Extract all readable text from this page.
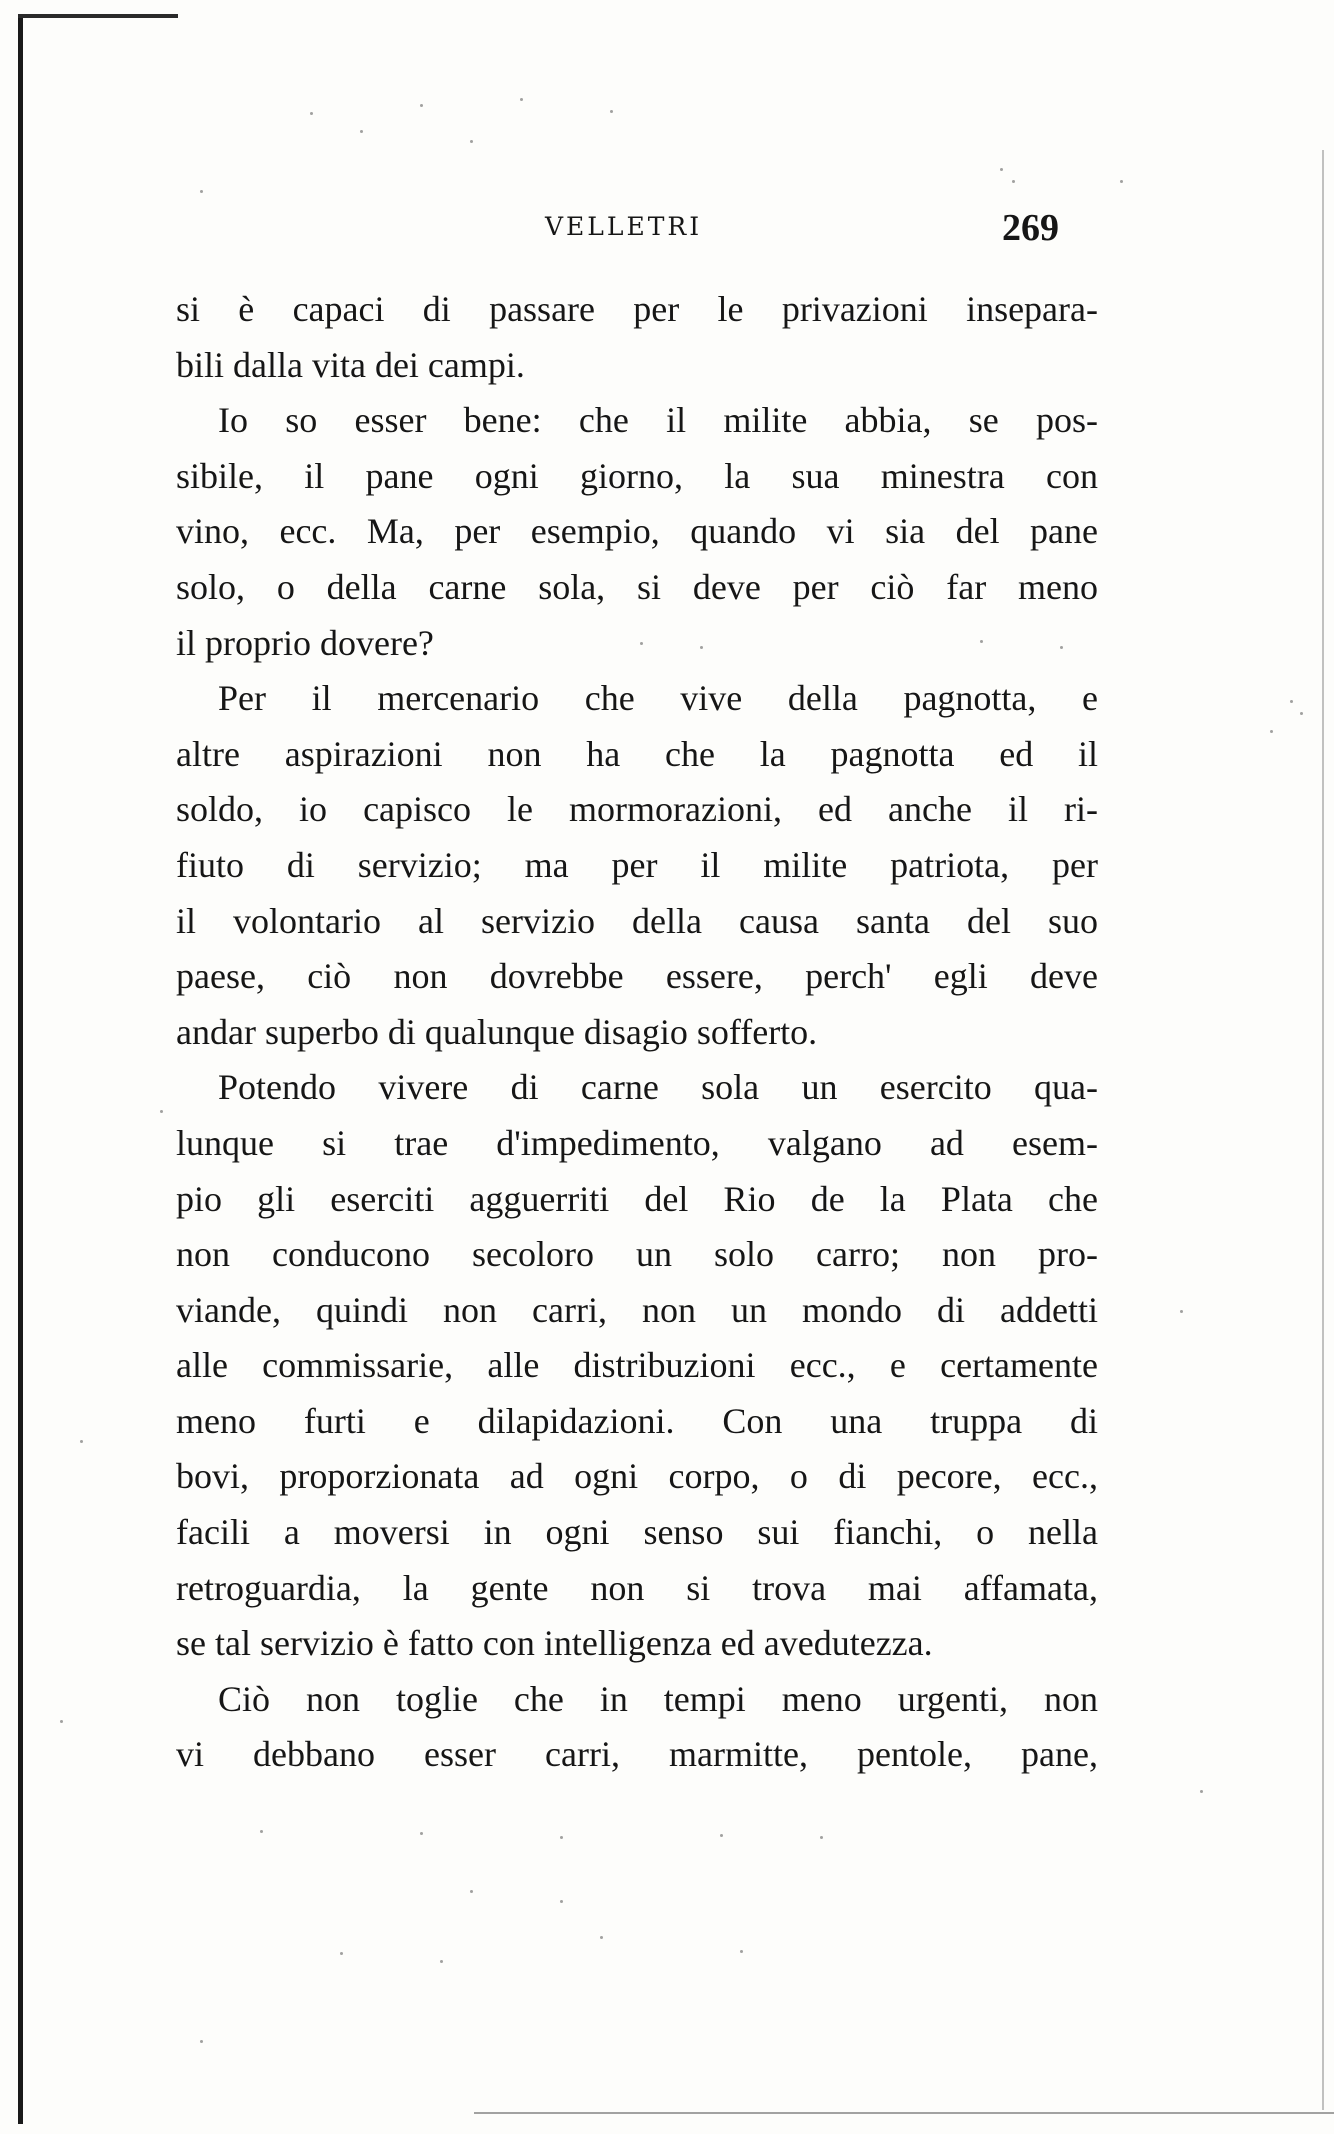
VELLETRI	269
si è capaci di passare per le privazioni insepara-
bili dalla vita dei campi.
Io so esser bene: che il milite abbia, se pos-
sibile, il pane ogni giorno, la sua minestra con
vino, ecc. Ma, per esempio, quando vi sia del pane
solo, o della carne sola, si deve per ciò far meno
il proprio dovere?
Per il mercenario che vive della pagnotta, e
altre aspirazioni non ha che la pagnotta ed il
soldo, io capisco le mormorazioni, ed anche il ri-
fiuto di servizio; ma per il milite patriota, per
il volontario al servizio della causa santa del suo
paese, ciò non dovrebbe essere, perch' egli deve
andar superbo di qualunque disagio sofferto.
Potendo vivere di carne sola un esercito qua-
lunque si trae d'impedimento, valgano ad esem-
pio gli eserciti agguerriti del Rio de la Plata che
non conducono secoloro un solo carro; non pro-
viande, quindi non carri, non un mondo di addetti
alle commissarie, alle distribuzioni ecc., e certamente
meno furti e dilapidazioni. Con una truppa di
bovi, proporzionata ad ogni corpo, o di pecore, ecc.,
facili a moversi in ogni senso sui fianchi, o nella
retroguardia, la gente non si trova mai affamata,
se tal servizio è fatto con intelligenza ed avedutezza.
Ciò non toglie che in tempi meno urgenti, non
vi debbano esser carri, marmitte, pentole, pane,
